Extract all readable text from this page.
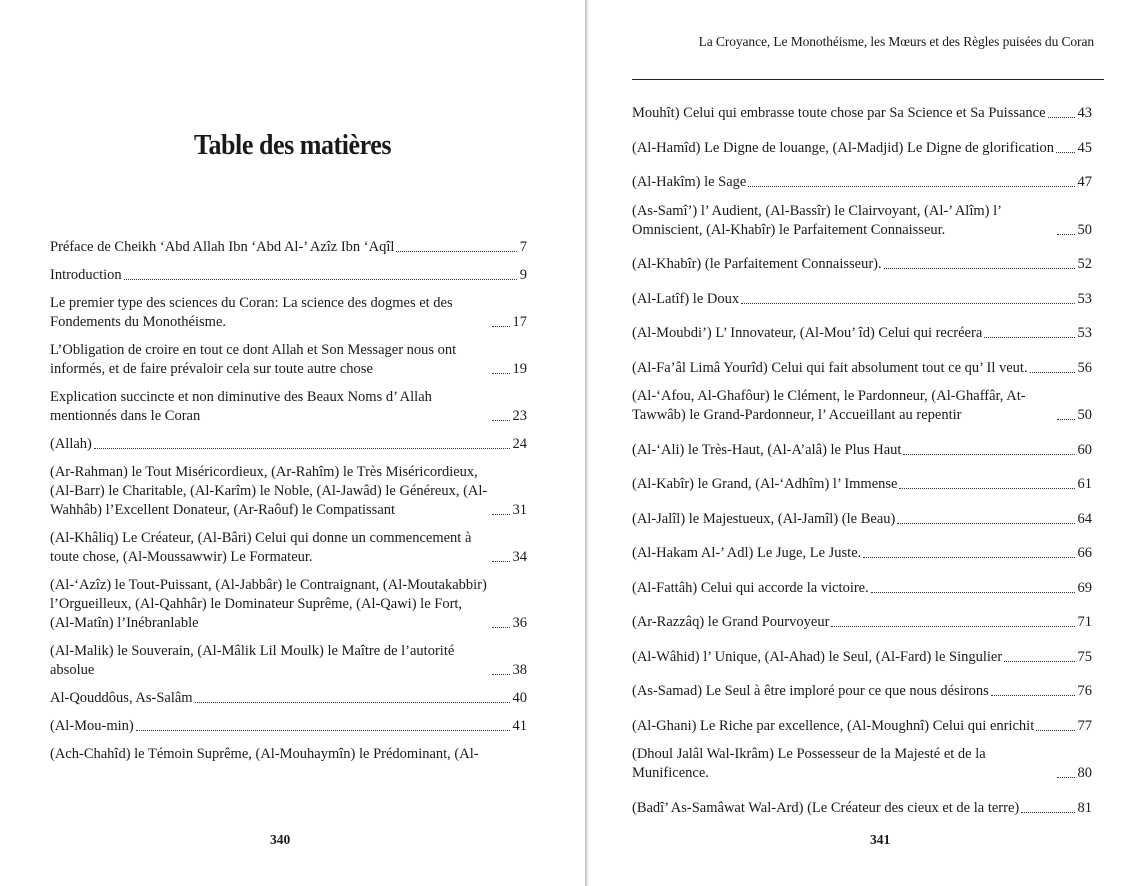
Table des matières
Préface de Cheikh ‘Abd Allah Ibn ‘Abd Al-’ Azîz Ibn ‘Aqîl	7
Introduction	9
Le premier type des sciences du Coran: La science des dogmes et des Fondements du Monothéisme.	17
L’Obligation de croire en tout ce dont Allah et Son Messager nous ont informés, et de faire prévaloir cela sur toute autre chose	19
Explication succincte et non diminutive des Beaux Noms d’ Allah mentionnés dans le Coran	23
(Allah)	24
(Ar-Rahman) le Tout Miséricordieux, (Ar-Rahîm) le Très Miséricordieux, (Al-Barr) le Charitable, (Al-Karîm) le Noble, (Al-Jawâd) le Généreux, (Al-Wahhâb) l’Excellent Donateur, (Ar-Raôuf) le Compatissant	31
(Al-Khâliq) Le Créateur, (Al-Bâri) Celui qui donne un commencement à toute chose, (Al-Moussawwir) Le Formateur.	34
(Al-‘Azîz) le Tout-Puissant, (Al-Jabbâr) le Contraignant, (Al-Moutakabbir) l’Orgueilleux, (Al-Qahhâr) le Dominateur Suprême, (Al-Qawi) le Fort, (Al-Matîn) l’Inébranlable	36
(Al-Malik) le Souverain, (Al-Mâlik Lil Moulk) le Maître de l’autorité absolue	38
Al-Qouddôus, As-Salâm	40
(Al-Mou-min)	41
(Ach-Chahîd) le Témoin Suprême, (Al-Mouhaymîn) le Prédominant, (Al-
340
La Croyance, Le Monothéisme, les Mœurs et des Règles puisées du Coran
Mouhît) Celui qui embrasse toute chose par Sa Science et Sa Puissance 43
(Al-Hamîd) Le Digne de louange, (Al-Madjid) Le Digne de glorification 45
(Al-Hakîm) le Sage	47
(As-Samî’) l’ Audient, (Al-Bassîr) le Clairvoyant, (Al-’ Alîm) l’ Omniscient, (Al-Khabîr) le Parfaitement Connaisseur.	50
(Al-Khabîr) (le Parfaitement Connaisseur).	52
(Al-Latîf) le Doux	53
(Al-Moubdi’) L’ Innovateur, (Al-Mou’ îd) Celui qui recréera	53
(Al-Fa’âl Limâ Yourîd) Celui qui fait absolument tout ce qu’ Il veut.	56
(Al-‘Afou, Al-Ghafôur) le Clément, le Pardonneur, (Al-Ghaffâr, At-Tawwâb) le Grand-Pardonneur, l’ Accueillant au repentir	50
(Al-‘Ali) le Très-Haut, (Al-A’alâ) le Plus Haut	60
(Al-Kabîr) le Grand, (Al-‘Adhîm) l’ Immense	61
(Al-Jalîl) le Majestueux, (Al-Jamîl) (le Beau)	64
(Al-Hakam Al-’ Adl) Le Juge, Le Juste.	66
(Al-Fattâh) Celui qui accorde la victoire.	69
(Ar-Razzâq) le Grand Pourvoyeur	71
(Al-Wâhid) l’ Unique, (Al-Ahad) le Seul, (Al-Fard) le Singulier	75
(As-Samad) Le Seul à être imploré pour ce que nous désirons	76
(Al-Ghani) Le Riche par excellence, (Al-Moughnî) Celui qui enrichit	77
(Dhoul Jalâl Wal-Ikrâm) Le Possesseur de la Majesté et de la Munificence.	80
(Badî’ As-Samâwat Wal-Ard) (Le Créateur des cieux et de la terre)	81
341
